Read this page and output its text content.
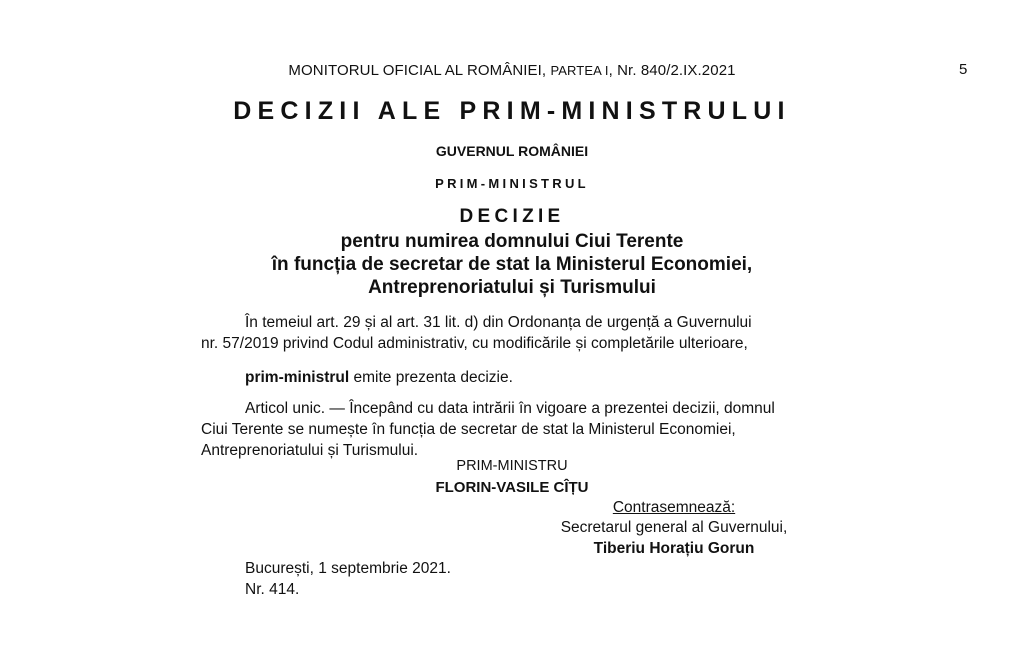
MONITORUL OFICIAL AL ROMÂNIEI, PARTEA I, Nr. 840/2.IX.2021	5
DECIZII ALE PRIM-MINISTRULUI
GUVERNUL ROMÂNIEI
PRIM-MINISTRUL
DECIZIE
pentru numirea domnului Ciui Terente
în funcția de secretar de stat la Ministerul Economiei,
Antreprenoriatului și Turismului
În temeiul art. 29 și al art. 31 lit. d) din Ordonanța de urgență a Guvernului
nr. 57/2019 privind Codul administrativ, cu modificările și completările ulterioare,
prim-ministrul emite prezenta decizie.
Articol unic. — Începând cu data intrării în vigoare a prezentei decizii, domnul
Ciui Terente se numește în funcția de secretar de stat la Ministerul Economiei,
Antreprenoriatului și Turismului.
PRIM-MINISTRU
FLORIN-VASILE CÎȚU
Contrasemnează:
Secretarul general al Guvernului,
Tiberiu Horațiu Gorun
București, 1 septembrie 2021.
Nr. 414.
